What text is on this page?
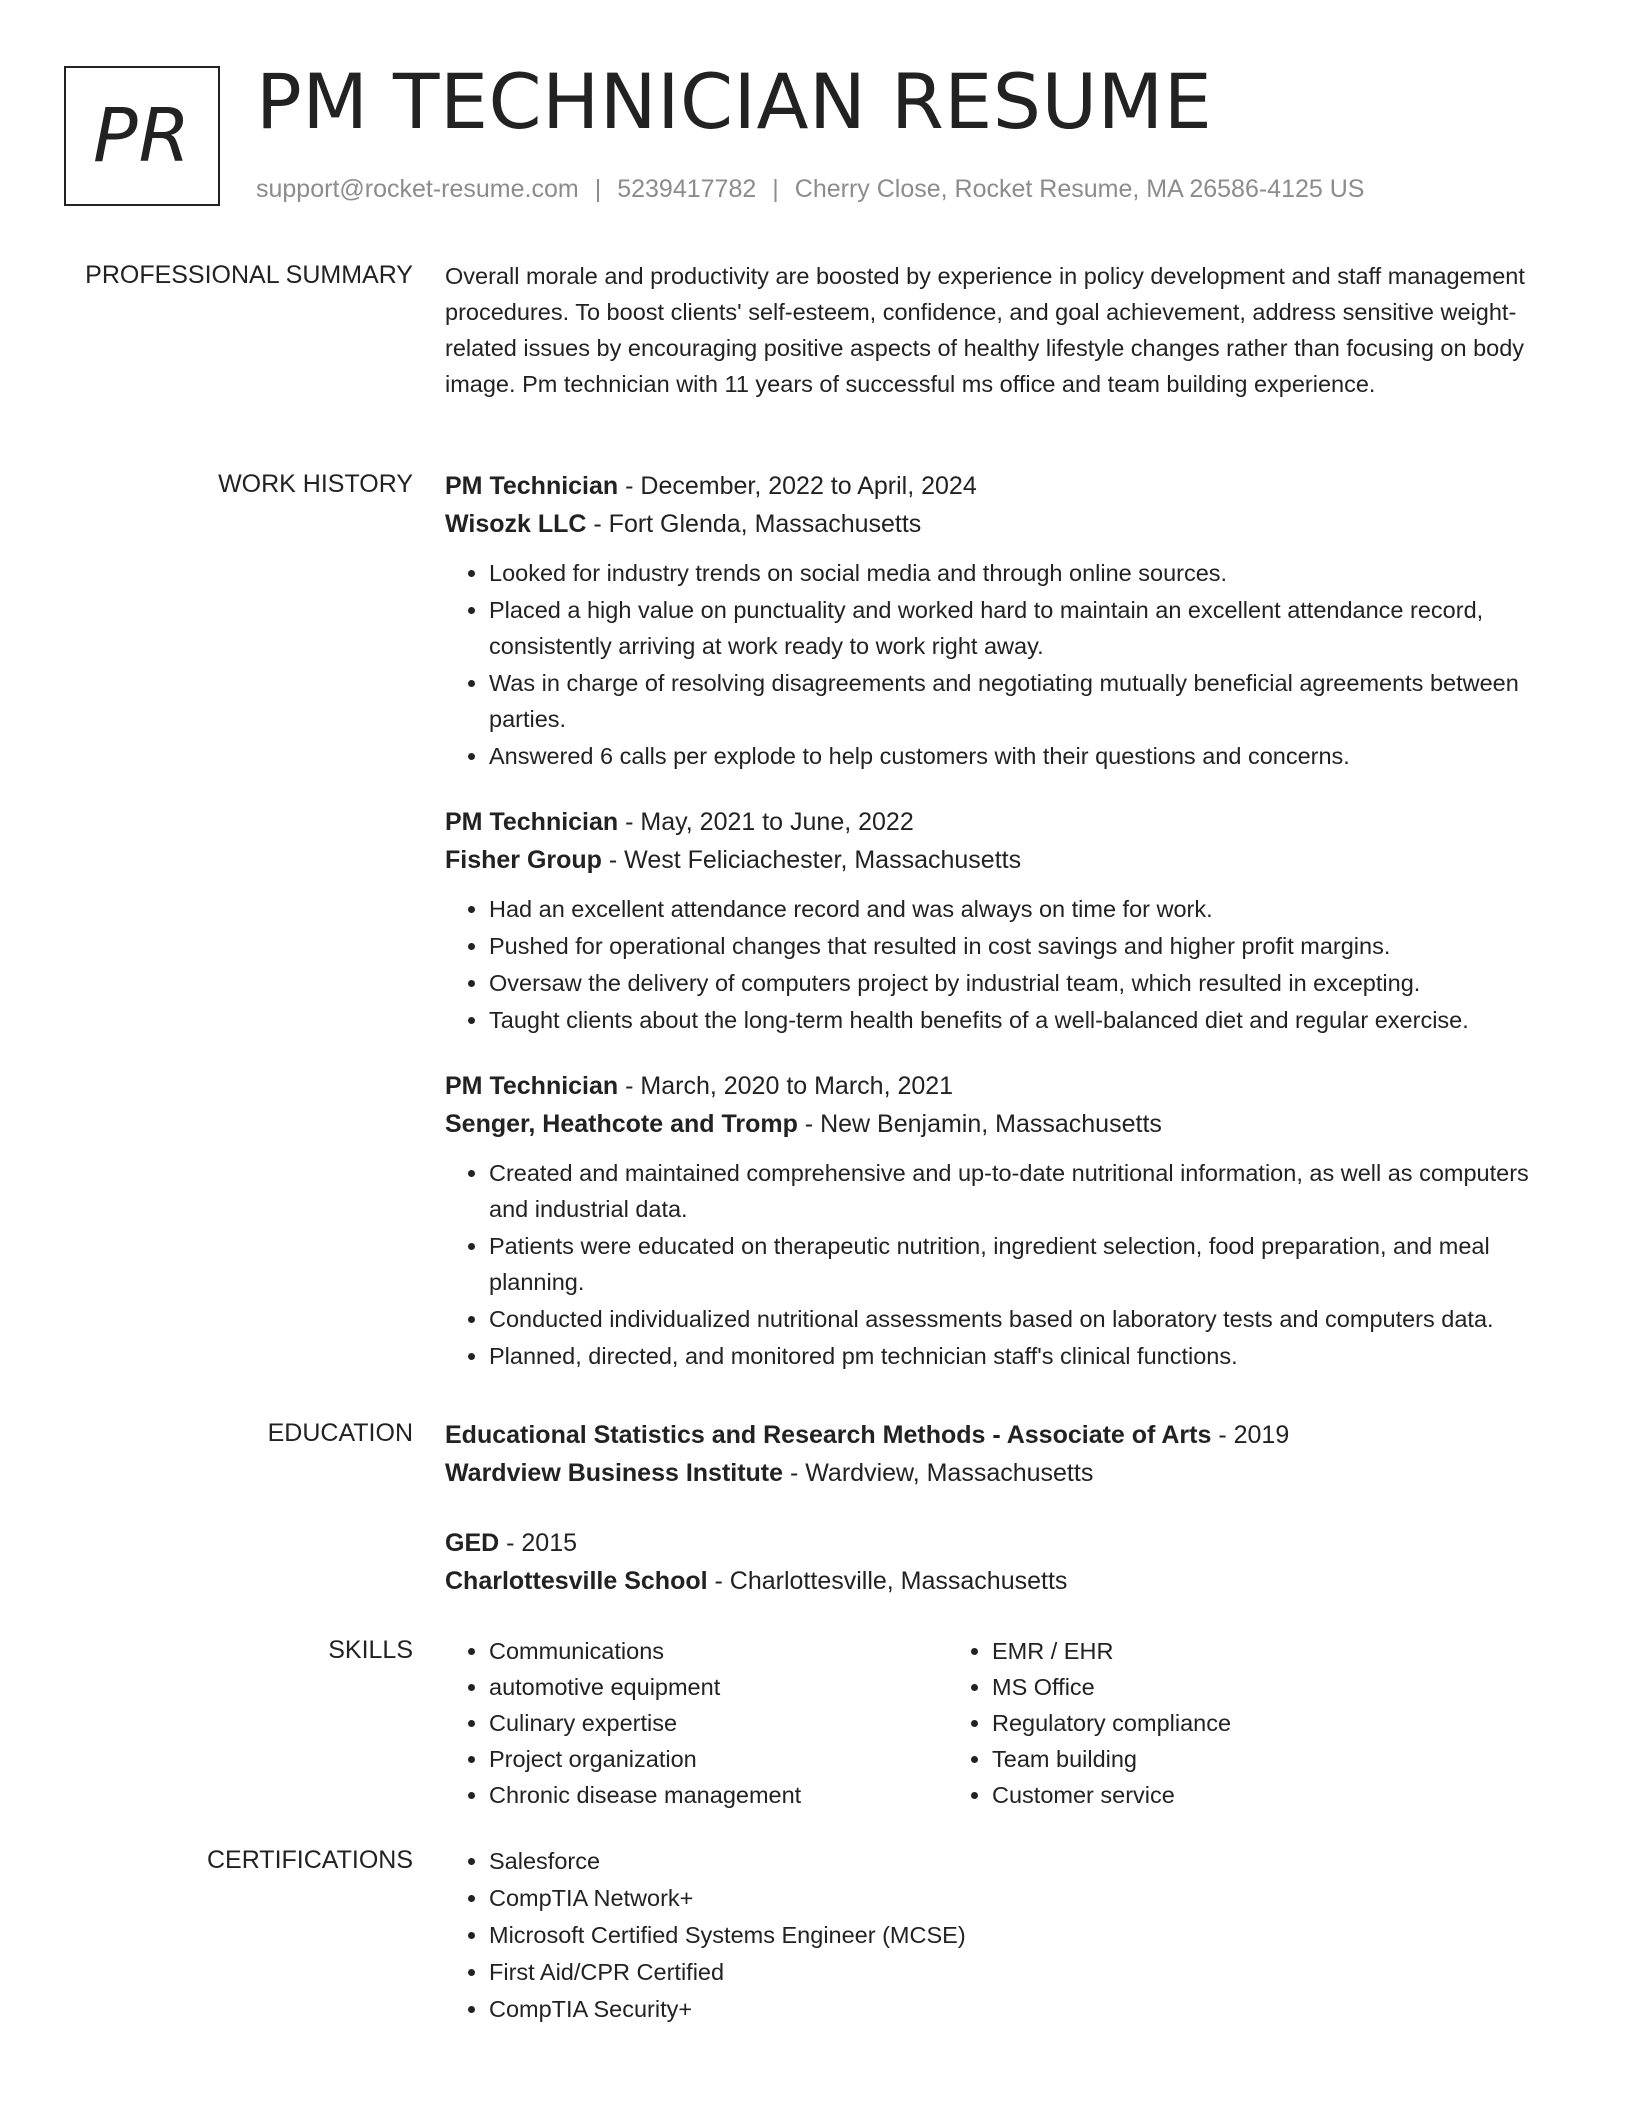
PR PM TECHNICIAN RESUME
support@rocket-resume.com | 5239417782 | Cherry Close, Rocket Resume, MA 26586-4125 US
PROFESSIONAL SUMMARY Overall morale and productivity are boosted by experience in policy development and staff management procedures. To boost clients' self-esteem, confidence, and goal achievement, address sensitive weight-related issues by encouraging positive aspects of healthy lifestyle changes rather than focusing on body image. Pm technician with 11 years of successful ms office and team building experience.

WORK HISTORY PM Technician - December, 2022 to April, 2024
Wisozk LLC - Fort Glenda, Massachusetts
• Looked for industry trends on social media and through online sources.
• Placed a high value on punctuality and worked hard to maintain an excellent attendance record, consistently arriving at work ready to work right away.
• Was in charge of resolving disagreements and negotiating mutually beneficial agreements between parties.
• Answered 6 calls per explode to help customers with their questions and concerns.
PM Technician - May, 2021 to June, 2022
Fisher Group - West Feliciachester, Massachusetts
• Had an excellent attendance record and was always on time for work.
• Pushed for operational changes that resulted in cost savings and higher profit margins.
• Oversaw the delivery of computers project by industrial team, which resulted in excepting.
• Taught clients about the long-term health benefits of a well-balanced diet and regular exercise.
PM Technician - March, 2020 to March, 2021
Senger, Heathcote and Tromp - New Benjamin, Massachusetts
• Created and maintained comprehensive and up-to-date nutritional information, as well as computers and industrial data.
• Patients were educated on therapeutic nutrition, ingredient selection, food preparation, and meal planning.
• Conducted individualized nutritional assessments based on laboratory tests and computers data.
• Planned, directed, and monitored pm technician staff's clinical functions.
EDUCATION Educational Statistics and Research Methods - Associate of Arts - 2019
Wardview Business Institute - Wardview, Massachusetts
GED - 2015
Charlottesville School - Charlottesville, Massachusetts
SKILLS	• Communications
• automotive equipment
• Culinary expertise
• Project organization
• Chronic disease management
• EMR / EHR
• MS Office
• Regulatory compliance
• Team building
• Customer service
CERTIFICATIONS	• Salesforce
• CompTIA Network+
• Microsoft Certified Systems Engineer (MCSE)
• First Aid/CPR Certified
• CompTIA Security+
